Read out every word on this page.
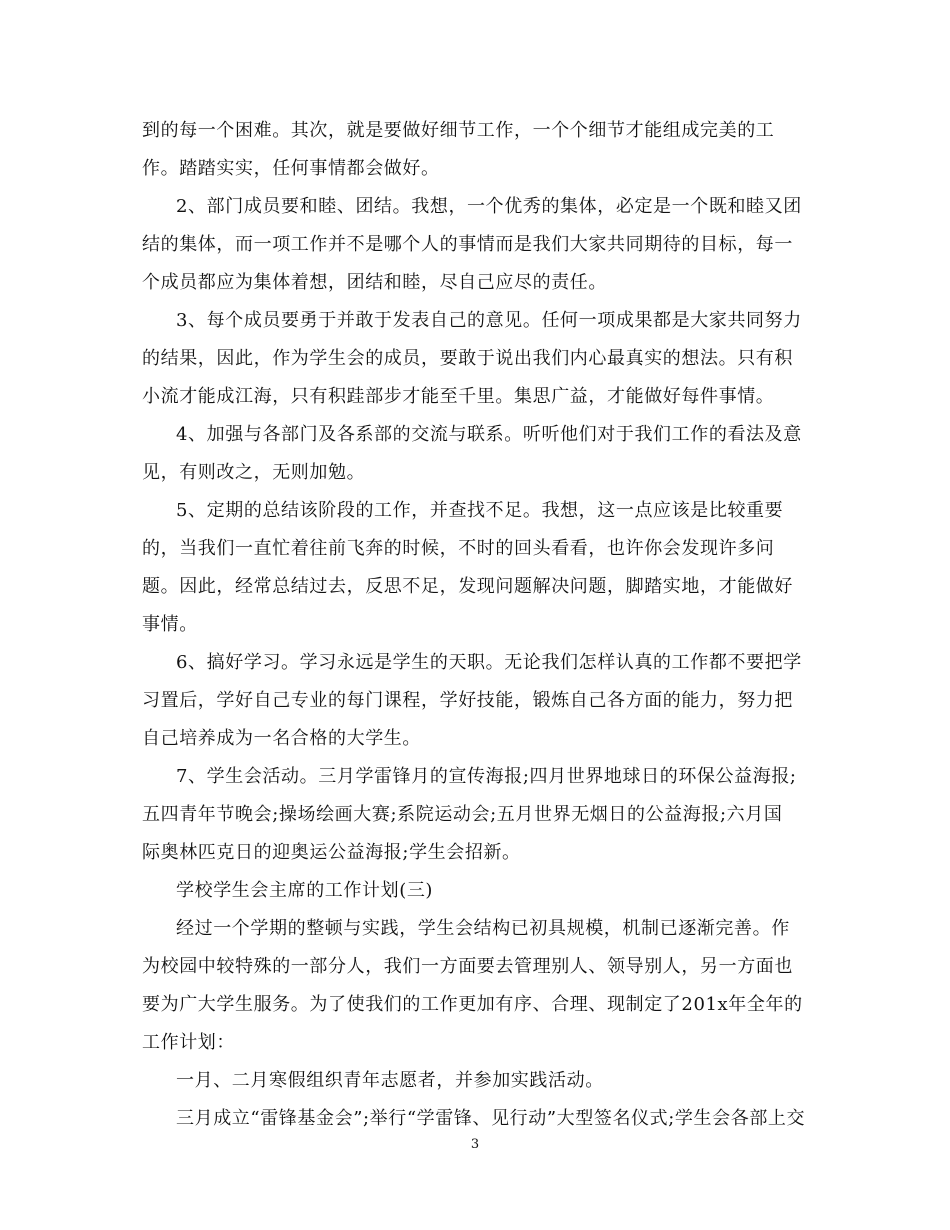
到的每一个困难。其次，就是要做好细节工作，一个个细节才能组成完美的工
作。踏踏实实，任何事情都会做好。
2、部门成员要和睦、团结。我想，一个优秀的集体，必定是一个既和睦又团
结的集体，而一项工作并不是哪个人的事情而是我们大家共同期待的目标，每一
个成员都应为集体着想，团结和睦，尽自己应尽的责任。
3、每个成员要勇于并敢于发表自己的意见。任何一项成果都是大家共同努力
的结果，因此，作为学生会的成员，要敢于说出我们内心最真实的想法。只有积
小流才能成江海，只有积跬部步才能至千里。集思广益，才能做好每件事情。
4、加强与各部门及各系部的交流与联系。听听他们对于我们工作的看法及意
见，有则改之，无则加勉。
5、定期的总结该阶段的工作，并查找不足。我想，这一点应该是比较重要
的，当我们一直忙着往前飞奔的时候，不时的回头看看，也许你会发现许多问
题。因此，经常总结过去，反思不足，发现问题解决问题，脚踏实地，才能做好
事情。
6、搞好学习。学习永远是学生的天职。无论我们怎样认真的工作都不要把学
习置后，学好自己专业的每门课程，学好技能，锻炼自己各方面的能力，努力把
自己培养成为一名合格的大学生。
7、学生会活动。三月学雷锋月的宣传海报;四月世界地球日的环保公益海报;
五四青年节晚会;操场绘画大赛;系院运动会;五月世界无烟日的公益海报;六月国
际奥林匹克日的迎奥运公益海报;学生会招新。
学校学生会主席的工作计划(三)
经过一个学期的整顿与实践，学生会结构已初具规模，机制已逐渐完善。作
为校园中较特殊的一部分人，我们一方面要去管理别人、领导别人，另一方面也
要为广大学生服务。为了使我们的工作更加有序、合理、现制定了201x年全年的
工作计划：
一月、二月寒假组织青年志愿者，并参加实践活动。
三月成立“雷锋基金会”;举行“学雷锋、见行动”大型签名仪式;学生会各部上交
3
